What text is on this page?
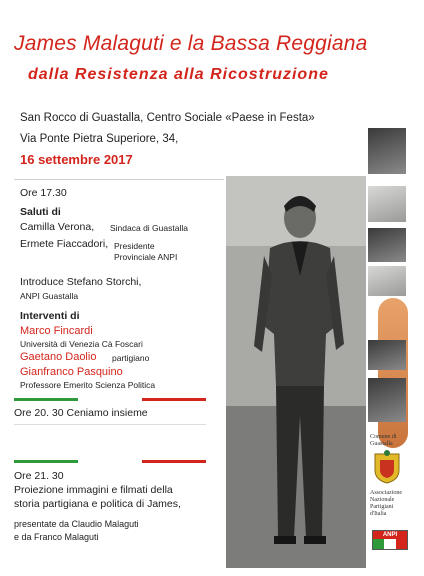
James Malaguti e la Bassa Reggiana
dalla Resistenza alla Ricostruzione
San Rocco di Guastalla, Centro Sociale «Paese in Festa»
Via Ponte Pietra Superiore, 34,
16 settembre 2017
Ore 17.30
Saluti di
Camilla Verona, Sindaca di Guastalla
Ermete Fiaccadori, Presidente
Provinciale ANPI
Introduce Stefano Storchi,
ANPI Guastalla
Interventi di
Marco Fincardi
Università di Venezia Cà Foscari
Gaetano Daolio partigiano
Gianfranco Pasquino
Professore Emerito Scienza Politica
Ore 20. 30 Ceniamo insieme
Ore 21. 30
Proiezione immagini e filmati della
storia partigiana e politica di James,
presentate da Claudio Malaguti
e da Franco Malaguti
Comune di Guastalla
Associazione
Nazionale
Partigiani
d'Italia
ANPI
